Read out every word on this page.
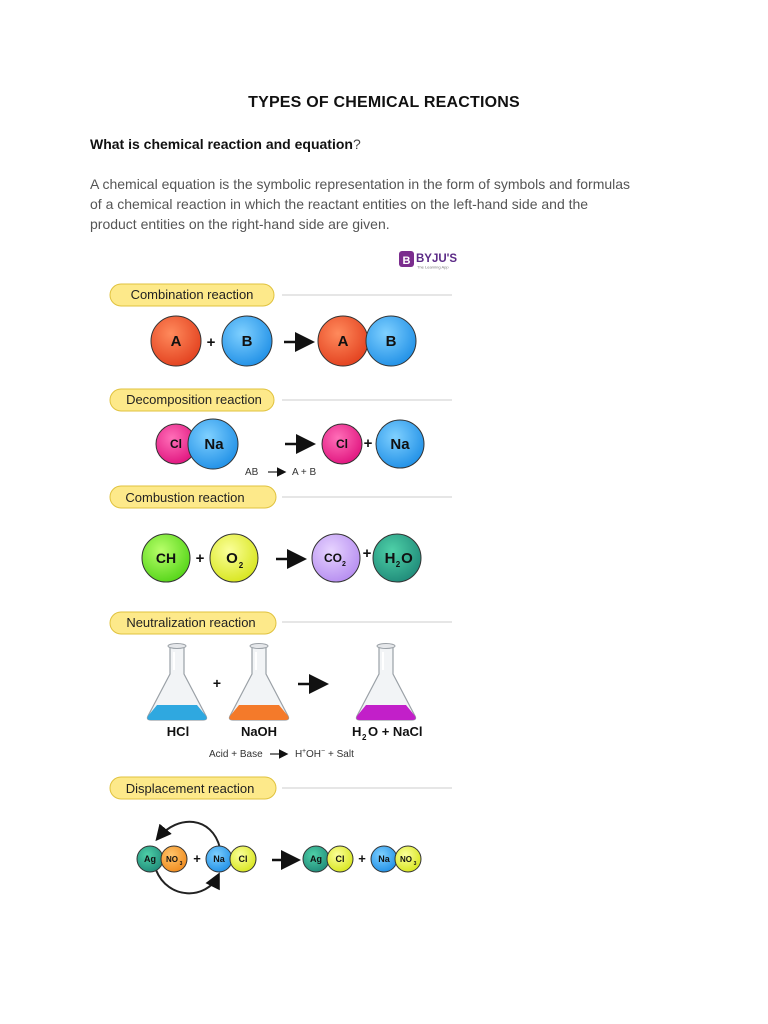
TYPES OF CHEMICAL REACTIONS
What is chemical reaction and equation?
A chemical equation is the symbolic representation in the form of symbols and formulas
of a chemical reaction in which the reactant entities on the left-hand side and the
product entities on the right-hand side are given.
B BYJU'S
The Learning App
Combination reaction
A + B	A B
Decomposition reaction
Cl Na	Cl + Na
AB	A + B
Combustion reaction
CH + O 2
CO 2
+ H 2 O
Neutralization reaction
+
HCl	NaOH	H 2 O + NaCl
Acid + Base	H + OH − + Salt
Displacement reaction
Ag NO 3 + Na Cl	Ag Cl + Na NO 3
